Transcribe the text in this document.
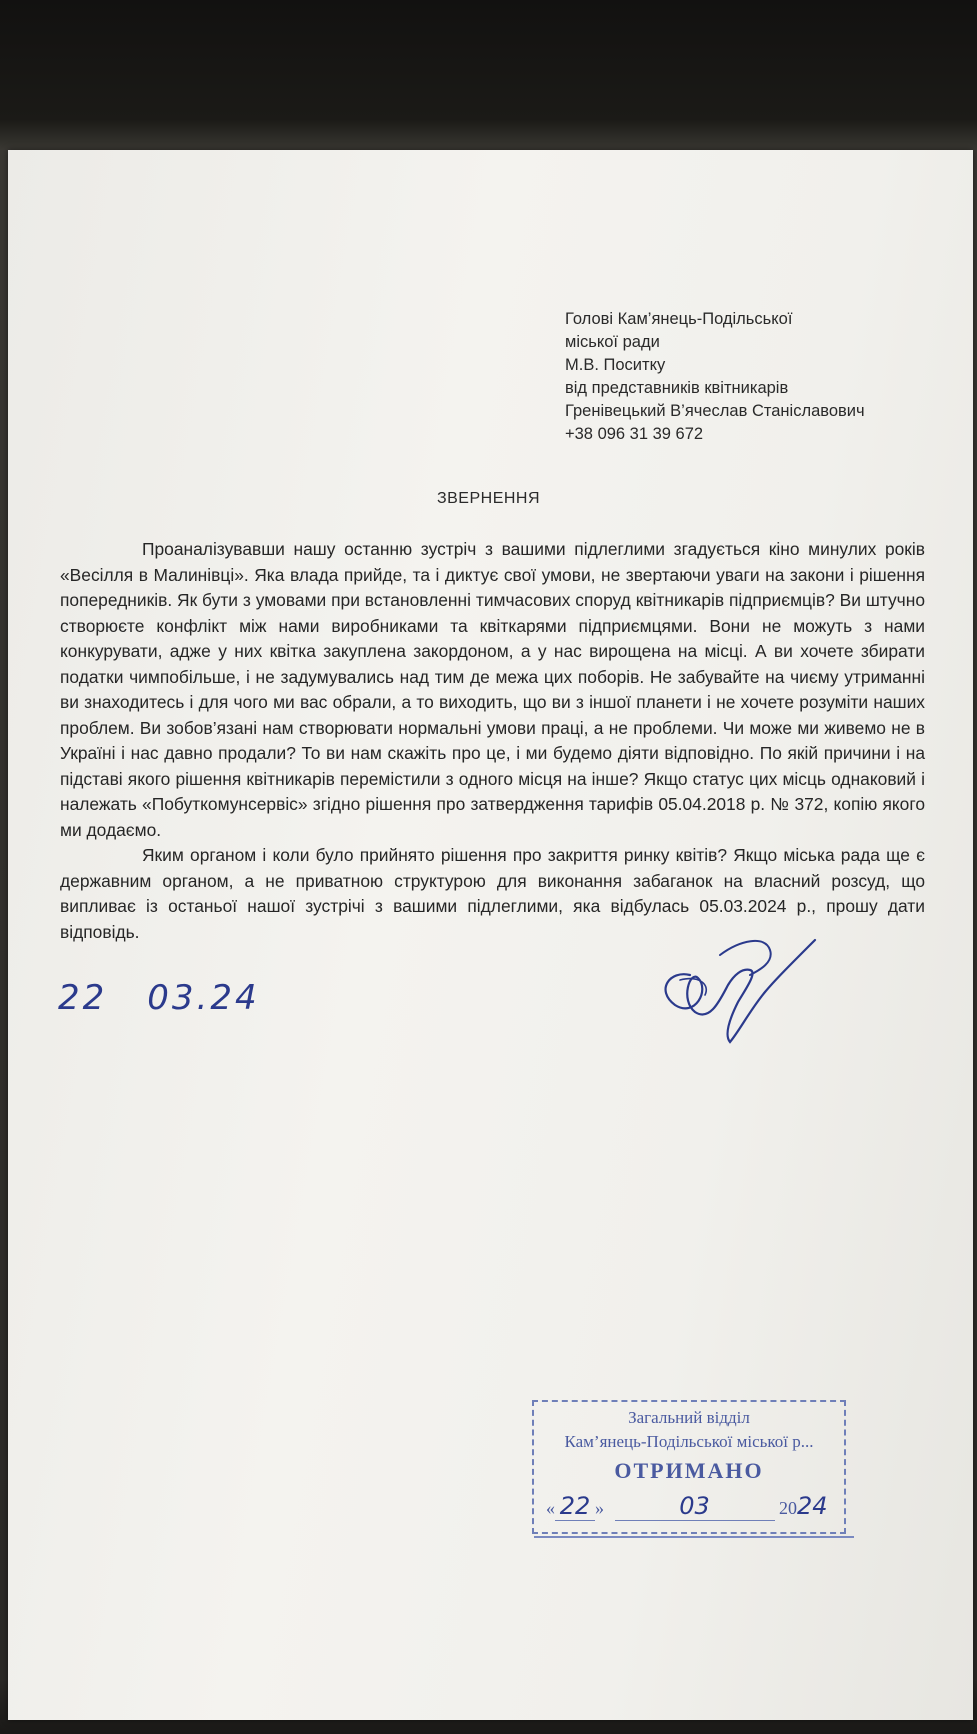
Голові Кам’янець-Подільської
міської ради
М.В. Поситку
від представників квітникарів
Гренівецький В’ячеслав Станіславович
+38 096 31 39 672
ЗВЕРНЕННЯ

Проаналізувавши нашу останню зустріч з вашими підлеглими згадується кіно минулих років «Весілля в Малинівці». Яка влада прийде, та і диктує свої умови, не звертаючи уваги на закони і рішення попередників. Як бути з умовами при встановленні тимчасових споруд квітникарів підприємців? Ви штучно створюєте конфлікт між нами виробниками та квіткарями підприємцями. Вони не можуть з нами конкурувати, адже у них квітка закуплена закордоном, а у нас вирощена на місці. А ви хочете збирати податки чимпобільше, і не задумувались над тим де межа цих поборів. Не забувайте на чиєму утриманні ви знаходитесь і для чого ми вас обрали, а то виходить, що ви з іншої планети і не хочете розуміти наших проблем. Ви зобов’язані нам створювати нормальні умови праці, а не проблеми. Чи може ми живемо не в Україні і нас давно продали? То ви нам скажіть про це, і ми будемо діяти відповідно. По якій причини і на підставі якого рішення квітникарів перемістили з одного місця на інше? Якщо статус цих місць однаковий і належать «Побуткомунсервіс» згідно рішення про затвердження тарифів 05.04.2018 р. № 372, копію якого ми додаємо.

Яким органом і коли було прийнято рішення про закриття ринку квітів? Якщо міська рада ще є державним органом, а не приватною структурою для виконання забаганок на власний розсуд, що випливає із останьої нашої зустрічі з вашими підлеглими, яка відбулась 05.03.2024 р., прошу дати відповідь.

22 03.24
Загальний відділ
Кам’янець-Подільської міської р...
ОТРИМАНО
« 22 »	03	2024
